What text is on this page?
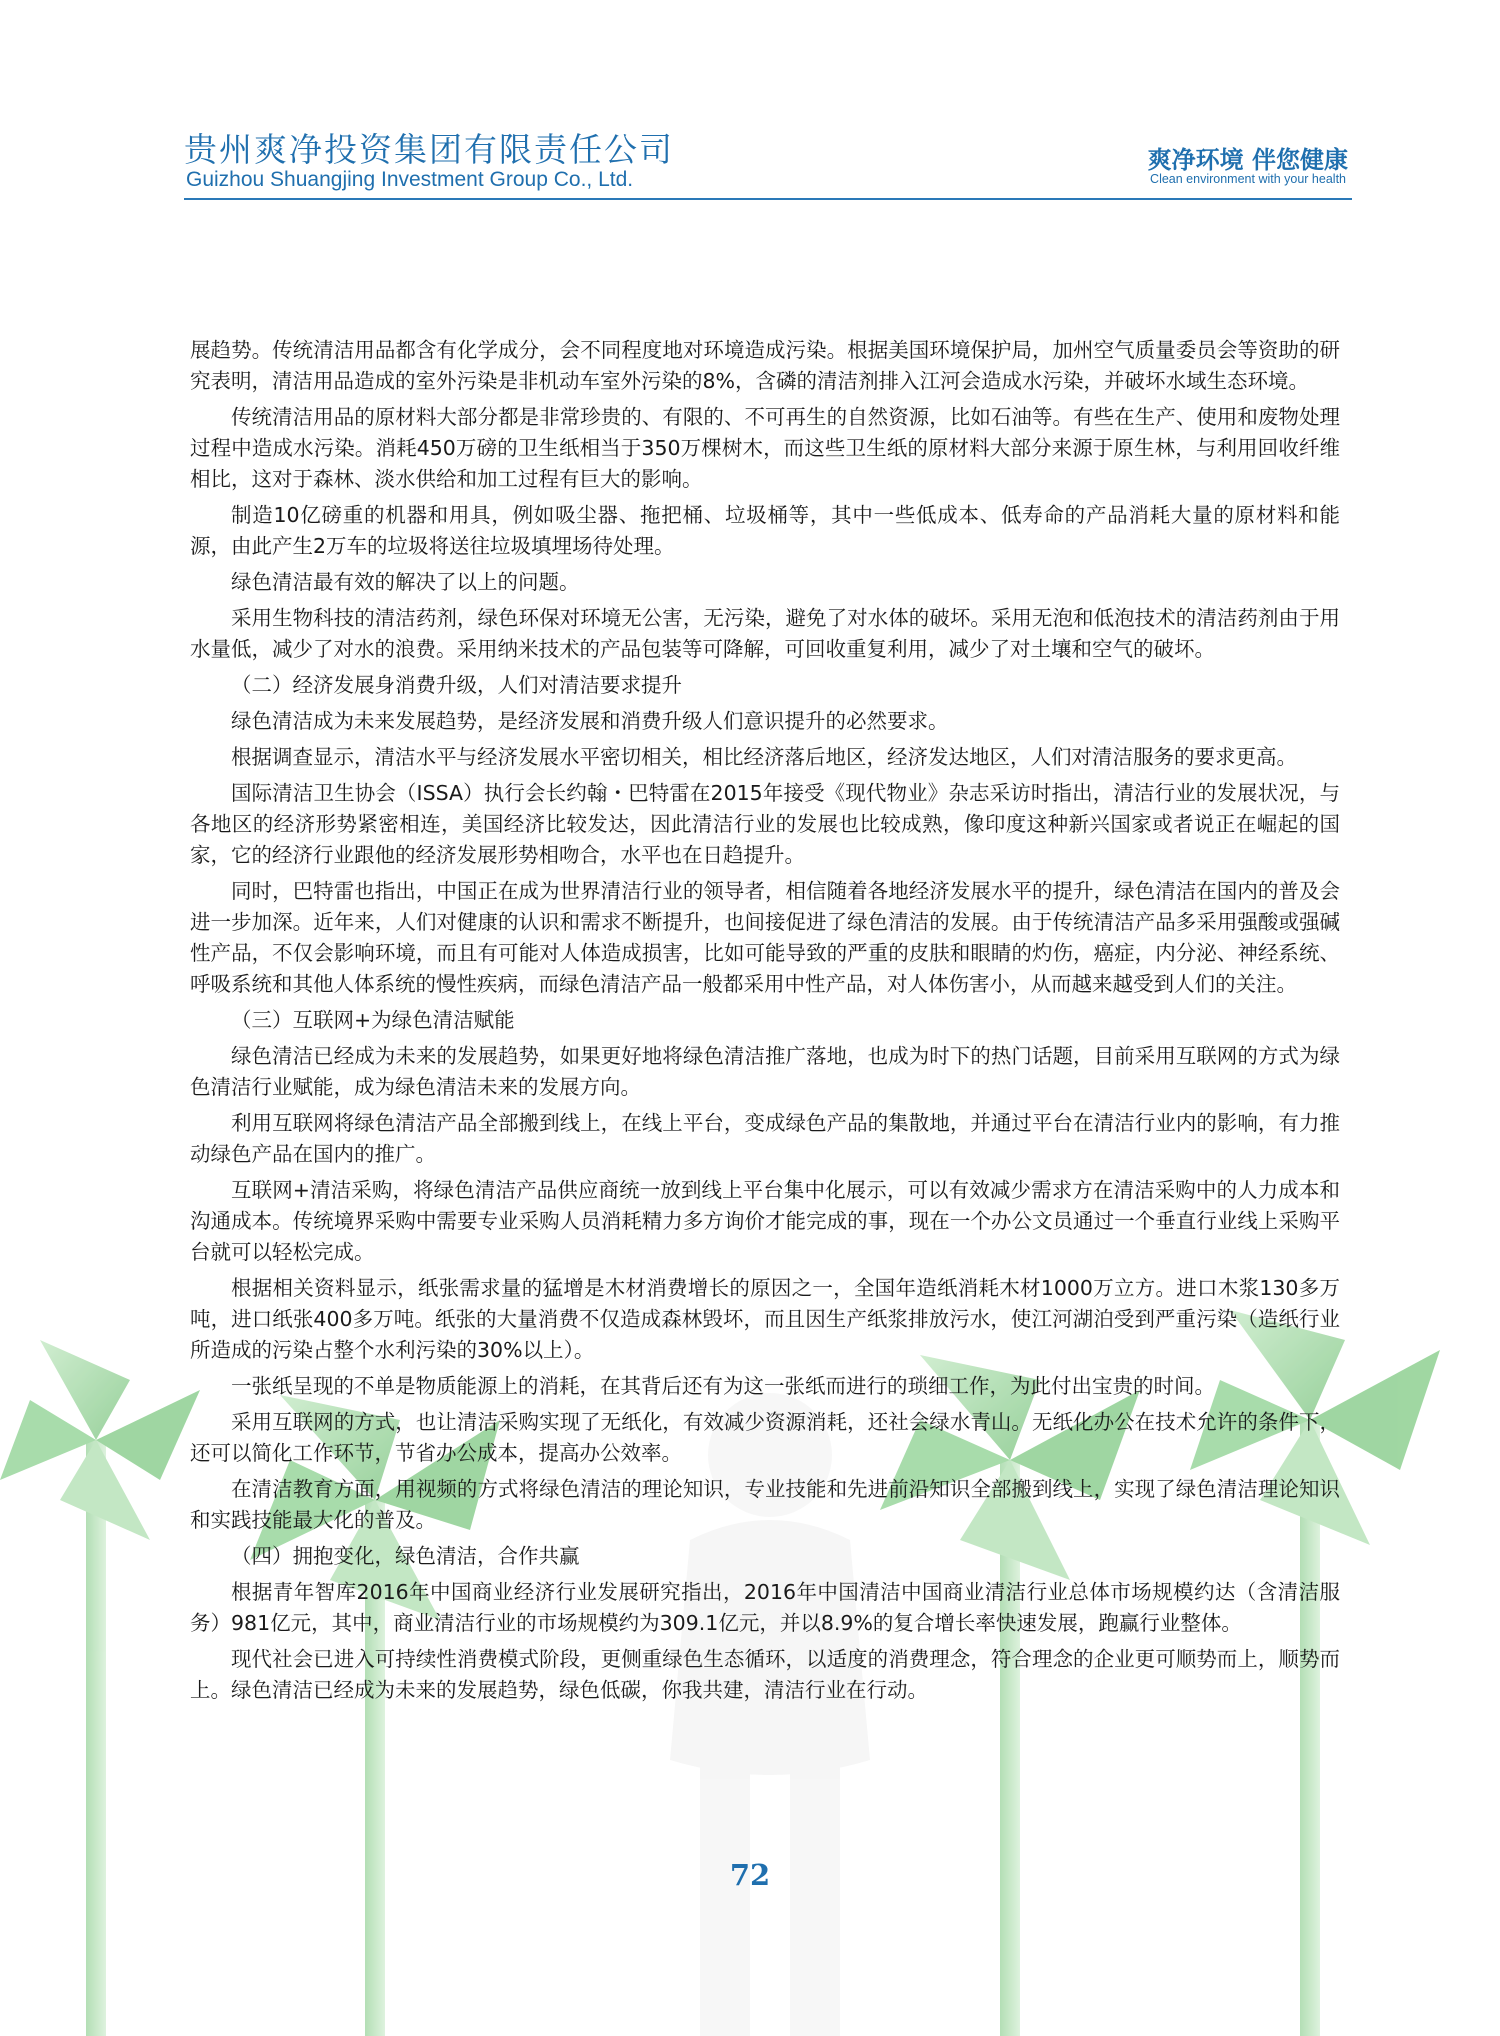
贵州爽净投资集团有限责任公司
Guizhou Shuangjing Investment Group Co., Ltd.
爽净环境 伴您健康
Clean environment with your health

展趋势。传统清洁用品都含有化学成分，会不同程度地对环境造成污染。根据美国环境保护局，加州空气质量委员会等资助的研究表明，清洁用品造成的室外污染是非机动车室外污染的8%，含磷的清洁剂排入江河会造成水污染，并破坏水域生态环境。

传统清洁用品的原材料大部分都是非常珍贵的、有限的、不可再生的自然资源，比如石油等。有些在生产、使用和废物处理过程中造成水污染。消耗450万磅的卫生纸相当于350万棵树木，而这些卫生纸的原材料大部分来源于原生林，与利用回收纤维相比，这对于森林、淡水供给和加工过程有巨大的影响。

制造10亿磅重的机器和用具，例如吸尘器、拖把桶、垃圾桶等，其中一些低成本、低寿命的产品消耗大量的原材料和能源，由此产生2万车的垃圾将送往垃圾填埋场待处理。

绿色清洁最有效的解决了以上的问题。

采用生物科技的清洁药剂，绿色环保对环境无公害，无污染，避免了对水体的破坏。采用无泡和低泡技术的清洁药剂由于用水量低，减少了对水的浪费。采用纳米技术的产品包装等可降解，可回收重复利用，减少了对土壤和空气的破坏。

（二）经济发展身消费升级，人们对清洁要求提升

绿色清洁成为未来发展趋势，是经济发展和消费升级人们意识提升的必然要求。

根据调查显示，清洁水平与经济发展水平密切相关，相比经济落后地区，经济发达地区，人们对清洁服务的要求更高。

国际清洁卫生协会（ISSA）执行会长约翰・巴特雷在2015年接受《现代物业》杂志采访时指出，清洁行业的发展状况，与各地区的经济形势紧密相连，美国经济比较发达，因此清洁行业的发展也比较成熟，像印度这种新兴国家或者说正在崛起的国家，它的经济行业跟他的经济发展形势相吻合，水平也在日趋提升。

同时，巴特雷也指出，中国正在成为世界清洁行业的领导者，相信随着各地经济发展水平的提升，绿色清洁在国内的普及会进一步加深。近年来，人们对健康的认识和需求不断提升，也间接促进了绿色清洁的发展。由于传统清洁产品多采用强酸或强碱性产品，不仅会影响环境，而且有可能对人体造成损害，比如可能导致的严重的皮肤和眼睛的灼伤，癌症，内分泌、神经系统、呼吸系统和其他人体系统的慢性疾病，而绿色清洁产品一般都采用中性产品，对人体伤害小，从而越来越受到人们的关注。

（三）互联网+为绿色清洁赋能

绿色清洁已经成为未来的发展趋势，如果更好地将绿色清洁推广落地，也成为时下的热门话题，目前采用互联网的方式为绿色清洁行业赋能，成为绿色清洁未来的发展方向。

利用互联网将绿色清洁产品全部搬到线上，在线上平台，变成绿色产品的集散地，并通过平台在清洁行业内的影响，有力推动绿色产品在国内的推广。

互联网+清洁采购，将绿色清洁产品供应商统一放到线上平台集中化展示，可以有效减少需求方在清洁采购中的人力成本和沟通成本。传统境界采购中需要专业采购人员消耗精力多方询价才能完成的事，现在一个办公文员通过一个垂直行业线上采购平台就可以轻松完成。

根据相关资料显示，纸张需求量的猛增是木材消费增长的原因之一，全国年造纸消耗木材1000万立方。进口木浆130多万吨，进口纸张400多万吨。纸张的大量消费不仅造成森林毁坏，而且因生产纸浆排放污水，使江河湖泊受到严重污染（造纸行业所造成的污染占整个水利污染的30%以上）。

一张纸呈现的不单是物质能源上的消耗，在其背后还有为这一张纸而进行的琐细工作，为此付出宝贵的时间。

采用互联网的方式，也让清洁采购实现了无纸化，有效减少资源消耗，还社会绿水青山。无纸化办公在技术允许的条件下，还可以简化工作环节，节省办公成本，提高办公效率。

在清洁教育方面，用视频的方式将绿色清洁的理论知识，专业技能和先进前沿知识全部搬到线上，实现了绿色清洁理论知识和实践技能最大化的普及。

（四）拥抱变化，绿色清洁，合作共赢

根据青年智库2016年中国商业经济行业发展研究指出，2016年中国清洁中国商业清洁行业总体市场规模约达（含清洁服务）981亿元，其中，商业清洁行业的市场规模约为309.1亿元，并以8.9%的复合增长率快速发展，跑赢行业整体。

现代社会已进入可持续性消费模式阶段，更侧重绿色生态循环，以适度的消费理念，符合理念的企业更可顺势而上，顺势而上。绿色清洁已经成为未来的发展趋势，绿色低碳，你我共建，清洁行业在行动。

72
